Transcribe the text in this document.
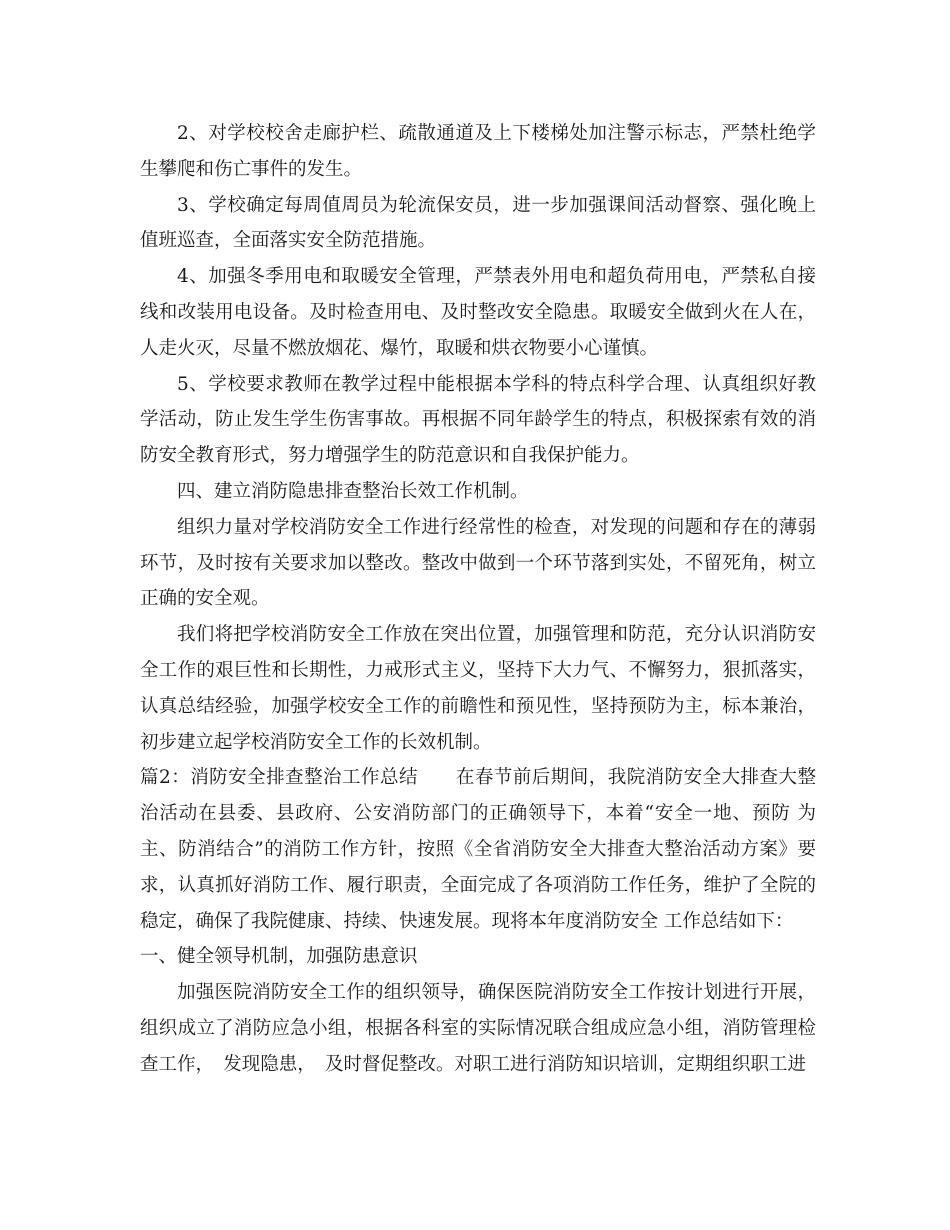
2、对学校校舍走廊护栏、疏散通道及上下楼梯处加注警示标志，严禁杜绝学生攀爬和伤亡事件的发生。

3、学校确定每周值周员为轮流保安员，进一步加强课间活动督察、强化晚上值班巡查，全面落实安全防范措施。

4、加强冬季用电和取暖安全管理，严禁表外用电和超负荷用电，严禁私自接线和改装用电设备。及时检查用电、及时整改安全隐患。取暖安全做到火在人在，人走火灭，尽量不燃放烟花、爆竹，取暖和烘衣物要小心谨慎。

5、学校要求教师在教学过程中能根据本学科的特点科学合理、认真组织好教学活动，防止发生学生伤害事故。再根据不同年龄学生的特点，积极探索有效的消防安全教育形式，努力增强学生的防范意识和自我保护能力。

四、建立消防隐患排查整治长效工作机制。

组织力量对学校消防安全工作进行经常性的检查，对发现的问题和存在的薄弱环节，及时按有关要求加以整改。整改中做到一个环节落到实处，不留死角，树立正确的安全观。

我们将把学校消防安全工作放在突出位置，加强管理和防范，充分认识消防安全工作的艰巨性和长期性，力戒形式主义，坚持下大力气、不懈努力，狠抓落实，认真总结经验，加强学校安全工作的前瞻性和预见性，坚持预防为主，标本兼治，初步建立起学校消防安全工作的长效机制。

篇2：消防安全排查整治工作总结　　在春节前后期间，我院消防安全大排查大整治活动在县委、县政府、公安消防部门的正确领导下，本着“安全一地、预防 为主、防消结合”的消防工作方针，按照《全省消防安全大排查大整治活动方案》要求，认真抓好消防工作、履行职责，全面完成了各项消防工作任务，维护了全院的稳定，确保了我院健康、持续、快速发展。现将本年度消防安全 工作总结如下：

一、健全领导机制，加强防患意识

加强医院消防安全工作的组织领导，确保医院消防安全工作按计划进行开展，组织成立了消防应急小组，根据各科室的实际情况联合组成应急小组，消防管理检查工作，　发现隐患，　及时督促整改。对职工进行消防知识培训，定期组织职工进
